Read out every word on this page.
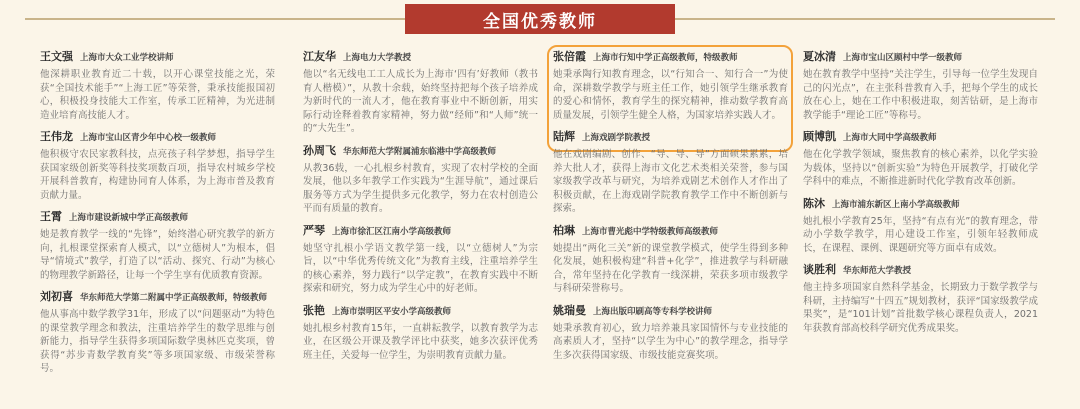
全国优秀教师
王文强 上海市大众工业学校讲师

他深耕职业教育近二十载，以开心课堂技能之光，荣获“全国技术能手”“上海工匠”等荣誉，秉承技能报国初心，积极投身技能大工作室，传承工匠精神，为光进制造业培育高技能人才。

王伟龙 上海市宝山区青少年中心校一级教师

他积极守农民家教科技，点亮孩子科学梦想，指导学生获国家级创新奖等科技奖项数百项，指导农村城乡学校开展科普教育，构建协同育人体系，为上海市普及教育贡献力量。

王霄 上海市建设新城中学正高级教师

她是教育教学一线的“先锋”，始终潜心研究教学的新方向，扎根课堂探索育人模式，以“立德树人”为根本，倡导“情境式”教学，打造了以“活动、探究、行动”为核心的物理教学新路径，让每一个学生享有优质教育资源。

刘初喜 华东师范大学第二附属中学正高级教师，特级教师

他从事高中数学教学31年，形成了以“问题驱动”为特色的课堂教学理念和教法，注重培养学生的数学思维与创新能力，指导学生获得多项国际数学奥林匹克奖项，曾获得“苏步青数学教育奖”等多项国家级、市级荣誉称号。

江友华 上海电力大学教授

他以“名无线电工工人成长为上海市‘四有’好教师（教书育人楷模）”，从教十余载，始终坚持把每个孩子培养成为新时代的一流人才，他在教育事业中不断创新，用实际行动诠释着教育家精神，努力做“经师”和“人师”统一的“大先生”。

孙周飞 华东师范大学附属浦东临港中学高级教师

从教36载，一心扎根乡村教育，实现了农村学校的全面发展，他以多年教学工作实践为“生涯导航”，通过课后服务等方式为学生提供多元化教学，努力在农村创造公平而有质量的教育。

严琴 上海市徐汇区江南小学高级教师

她坚守扎根小学语文教学第一线，以“立德树人”为宗旨，以“中华优秀传统文化”为教育主线，注重培养学生的核心素养，努力践行“以学定教”，在教育实践中不断探索和研究，努力成为学生心中的好老师。

张艳 上海市崇明区平安小学高级教师

她扎根乡村教育15年，一直耕耘教学，以教育教学为志业，在区级公开课及教学评比中获奖，她多次获评优秀班主任，关爱每一位学生，为崇明教育贡献力量。

张倍霞 上海市行知中学正高级教师，特级教师

她秉承陶行知教育理念，以“行知合一、知行合一”为使命，深耕数学教学与班主任工作，她引领学生继承教育的爱心和情怀，教育学生的探究精神，推动数学教育高质量发展，引领学生健全人格，为国家培养实践人才。

陆辉 上海戏剧学院教授

他在戏剧编剧、创作、“导、导、导”方面硕果累累，培养大批人才，获得上海市文化艺术类相关荣誉，参与国家级教学改革与研究，为培养戏剧艺术创作人才作出了积极贡献，在上海戏剧学院教育教学工作中不断创新与探索。

柏琳 上海市曹光彪中学特级教师高级教师

她提出“两化三关”新的课堂教学模式，使学生得到多种化发展，她积极构建“科普+化学”，推进教学与科研融合，常年坚持在化学教育一线深耕，荣获多项市级教学与科研荣誉称号。

姚瑞曼 上海出版印刷高等专科学校讲师

她秉承教育初心，致力培养兼具家国情怀与专业技能的高素质人才，坚持“以学生为中心”的教学理念，指导学生多次获得国家级、市级技能竞赛奖项。

夏冰清 上海市宝山区顾村中学一级教师

她在教育教学中坚持“关注学生，引导每一位学生发现自己的闪光点”，在主张科普教育入手，把每个学生的成长放在心上，她在工作中积极进取，刻苦钻研，是上海市教学能手“理论工匠”等称号。

顾博凯 上海市大同中学高级教师

他在化学教学领域，聚焦教育的核心素养，以化学实验为载体，坚持以“创新实验”为特色开展教学，打破化学学科中的难点，不断推进新时代化学教育改革创新。

陈沐 上海市浦东新区上南小学高级教师

她扎根小学教育25年，坚持“有点有光”的教育理念，带动小学数学教学，用心建设工作室，引领年轻教师成长，在课程、课例、课题研究等方面卓有成效。

谈胜利 华东师范大学教授

他主持多项国家自然科学基金，长期致力于数学教学与科研，主持编写“十四五”规划教材，获评“国家级教学成果奖”，是“101计划”首批数学核心课程负责人，2021年获教育部高校科学研究优秀成果奖。
